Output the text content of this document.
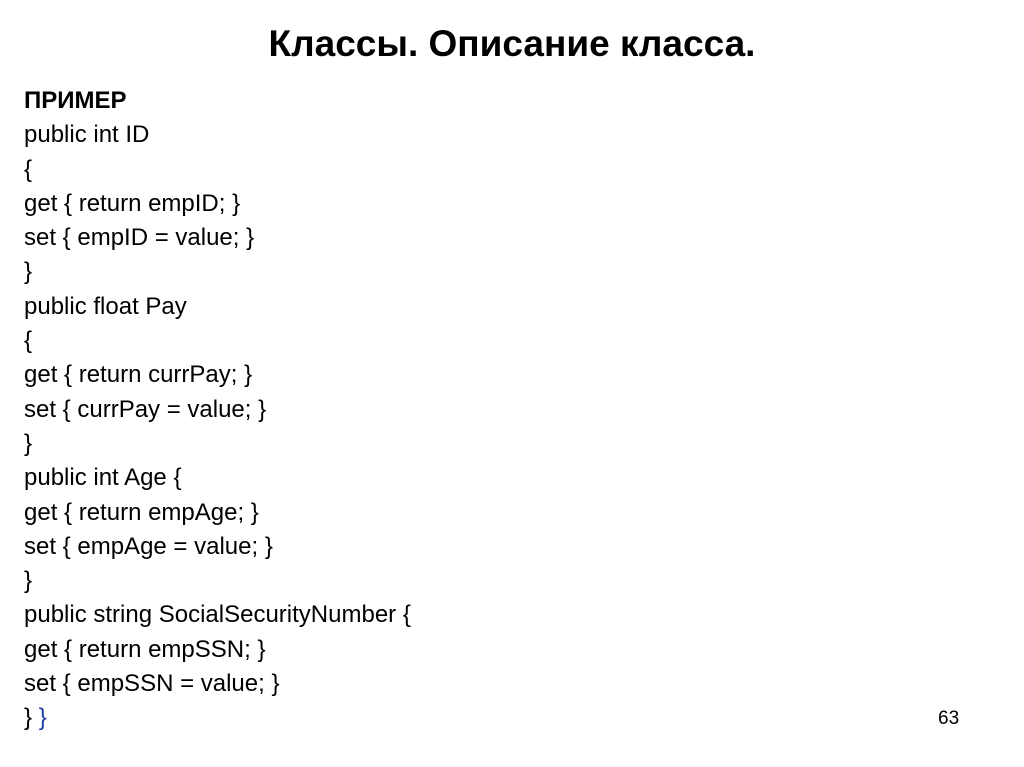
Классы. Описание класса.
ПРИМЕР
public int ID
{
get { return empID; }
set { empID = value; }
}
public float Pay
{
get { return currPay; }
set { currPay = value; }
}
public int Age {
get { return empAge; }
set { empAge = value; }
}
public string SocialSecurityNumber {
get { return empSSN; }
set { empSSN = value; }
} }	63
